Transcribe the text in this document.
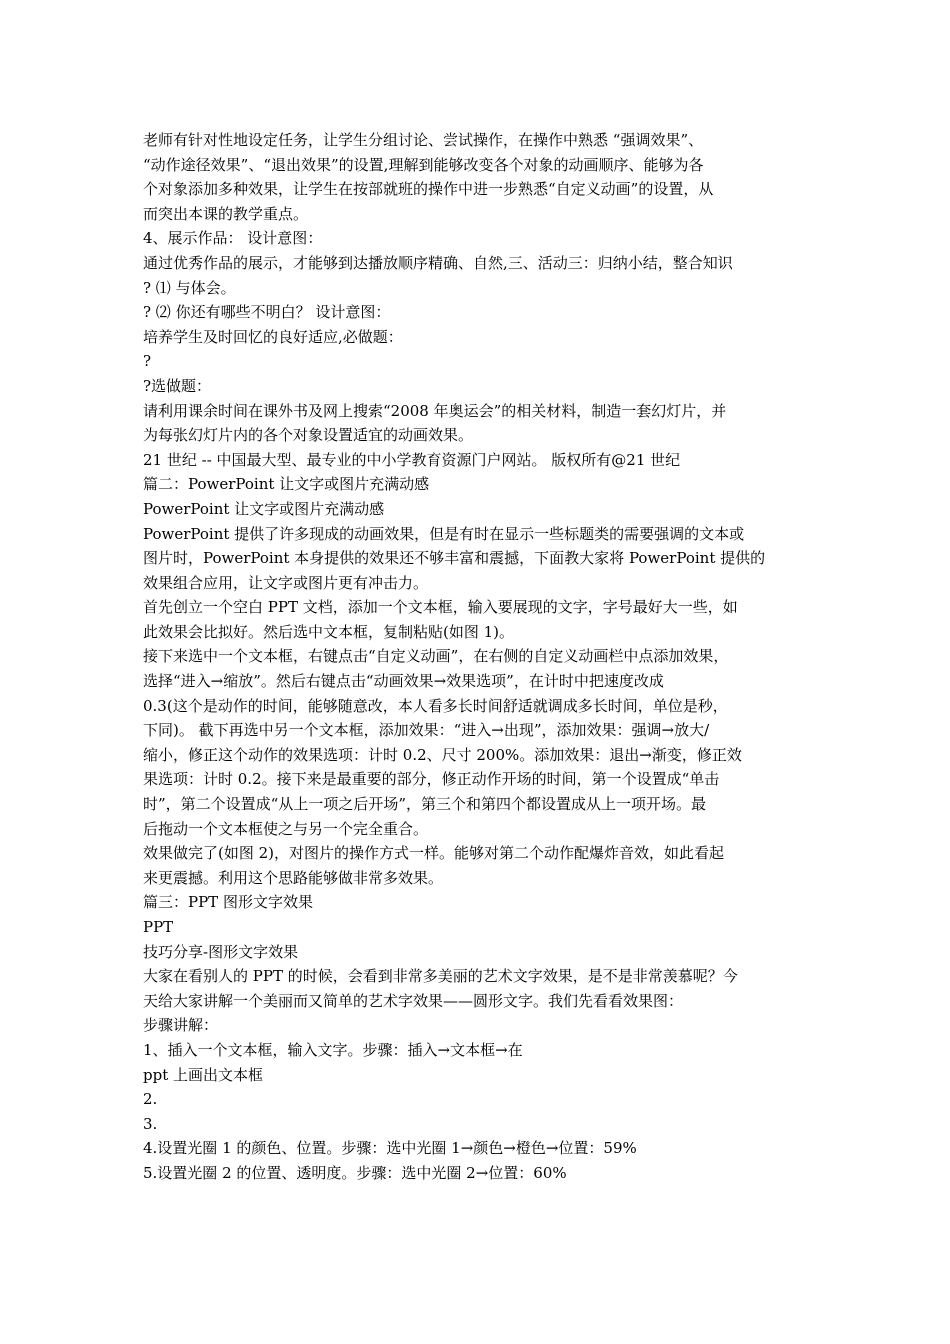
老师有针对性地设定任务，让学生分组讨论、尝试操作，在操作中熟悉 “强调效果”、

“动作途径效果”、“退出效果”的设置,理解到能够改变各个对象的动画顺序、能够为各

个对象添加多种效果，让学生在按部就班的操作中进一步熟悉“自定义动画”的设置，从

而突出本课的教学重点。

4、展示作品： 设计意图：

通过优秀作品的展示，才能够到达播放顺序精确、自然,三、活动三：归纳小结，整合知识

? ⑴ 与体会。

? ⑵ 你还有哪些不明白？ 设计意图：

培养学生及时回忆的良好适应,必做题：

?

?选做题：

请利用课余时间在课外书及网上搜索“2008 年奥运会”的相关材料，制造一套幻灯片，并

为每张幻灯片内的各个对象设置适宜的动画效果。

21 世纪 -- 中国最大型、最专业的中小学教育资源门户网站。 版权所有@21 世纪

篇二：PowerPoint 让文字或图片充满动感

PowerPoint 让文字或图片充满动感

PowerPoint 提供了许多现成的动画效果，但是有时在显示一些标题类的需要强调的文本或

图片时，PowerPoint 本身提供的效果还不够丰富和震撼，下面教大家将 PowerPoint 提供的

效果组合应用，让文字或图片更有冲击力。

首先创立一个空白 PPT 文档，添加一个文本框，输入要展现的文字，字号最好大一些，如

此效果会比拟好。然后选中文本框，复制粘贴(如图 1)。

接下来选中一个文本框，右键点击“自定义动画”，在右侧的自定义动画栏中点添加效果，

选择“进入→缩放”。然后右键点击“动画效果→效果选项”，在计时中把速度改成

0.3(这个是动作的时间，能够随意改，本人看多长时间舒适就调成多长时间，单位是秒，

下同)。 截下再选中另一个文本框，添加效果：“进入→出现”，添加效果：强调→放大/

缩小，修正这个动作的效果选项：计时 0.2、尺寸 200%。添加效果：退出→渐变，修正效

果选项：计时 0.2。接下来是最重要的部分，修正动作开场的时间，第一个设置成“单击

时”，第二个设置成“从上一项之后开场”，第三个和第四个都设置成从上一项开场。最

后拖动一个文本框使之与另一个完全重合。

效果做完了(如图 2)，对图片的操作方式一样。能够对第二个动作配爆炸音效，如此看起

来更震撼。利用这个思路能够做非常多效果。

篇三：PPT 图形文字效果

PPT

技巧分享-图形文字效果

大家在看别人的 PPT 的时候，会看到非常多美丽的艺术文字效果，是不是非常羡慕呢？今

天给大家讲解一个美丽而又简单的艺术字效果——圆形文字。我们先看看效果图：

步骤讲解：

1、插入一个文本框，输入文字。步骤：插入→文本框→在

ppt 上画出文本框

2.

3.

4.设置光圈 1 的颜色、位置。步骤：选中光圈 1→颜色→橙色→位置：59%

5.设置光圈 2 的位置、透明度。步骤：选中光圈 2→位置：60%
